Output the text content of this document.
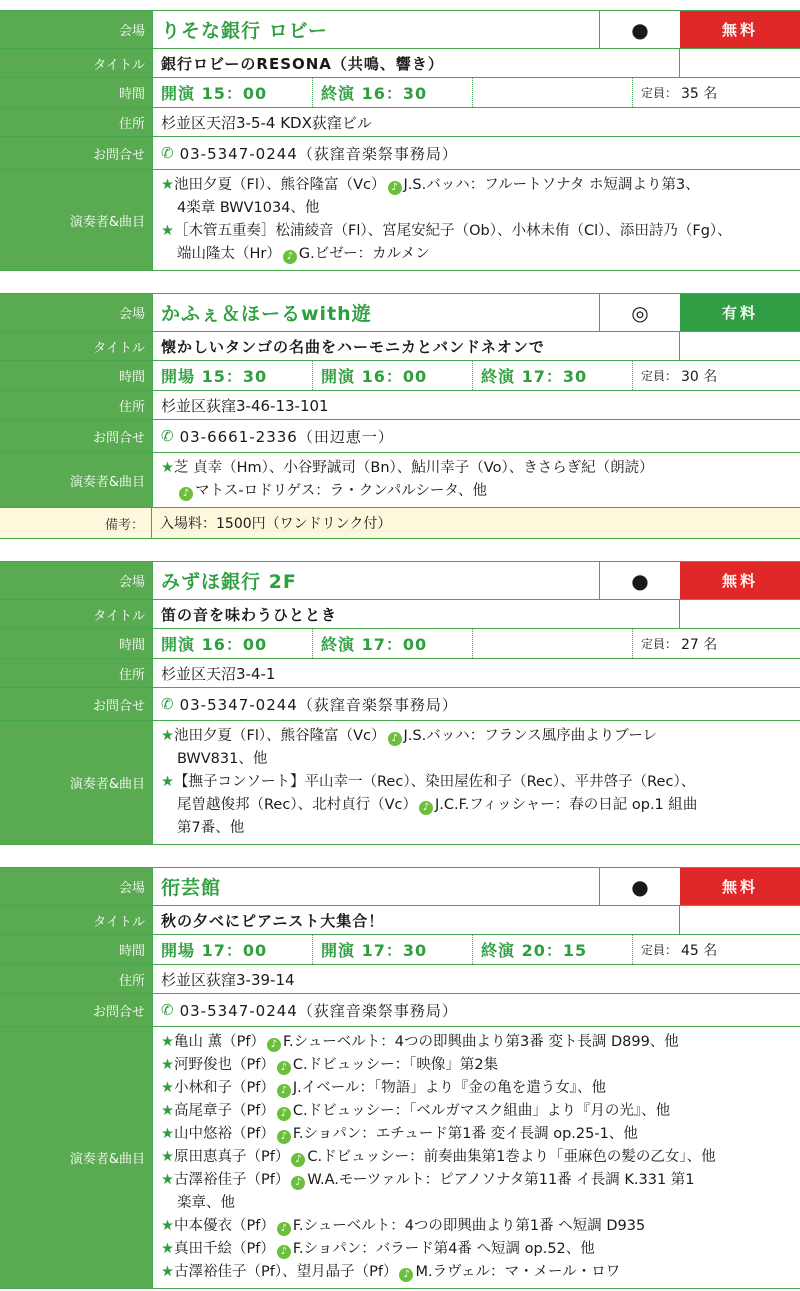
会場 りそな銀行 ロビー	●	無料
タイトル	銀行ロビーのRESONA（共鳴、響き）
時間	開演 15：00	終演 16：30	定員： 35 名
住所	杉並区天沼3-5-4 KDX荻窪ビル
お問合せ	✆ 03-5347-0244（荻窪音楽祭事務局）
演奏者&曲目
★池田夕夏（Fl）、熊谷隆富（Vc） ♪ J.S.バッハ：フルートソナタ ホ短調より第3、
4楽章 BWV1034、他
★［木管五重奏］松浦綾音（Fl）、宮尾安紀子（Ob）、小林未侑（Cl）、添田詩乃（Fg）、
端山隆太（Hr） ♪ G.ビゼー：カルメン
会場 かふぇ＆ほーるwith遊	◎	有料
タイトル	懐かしいタンゴの名曲をハーモニカとバンドネオンで
時間	開場 15：30	開演 16：00	終演 17：30	定員： 30 名
住所	杉並区荻窪3-46-13-101
お問合せ	✆ 03-6661-2336（田辺恵一）
演奏者&曲目
★芝 貞幸（Hm）、小谷野誠司（Bn）、鮎川幸子（Vo）、きさらぎ紀（朗読）
♪ マトス-ロドリゲス：ラ・クンパルシータ、他
備考：	入場料：1500円（ワンドリンク付）
会場 みずほ銀行 2F	●	無料
タイトル	笛の音を味わうひととき
時間	開演 16：00	終演 17：00	定員： 27 名
住所	杉並区天沼3-4-1
お問合せ	✆ 03-5347-0244（荻窪音楽祭事務局）
演奏者&曲目
★池田夕夏（Fl）、熊谷隆富（Vc） ♪ J.S.バッハ：フランス風序曲よりブーレ
BWV831、他
★【撫子コンソート】平山幸一（Rec）、染田屋佐和子（Rec）、平井啓子（Rec）、
尾曽越俊邦（Rec）、北村貞行（Vc） ♪ J.C.F.フィッシャー：春の日記 op.1 組曲
第7番、他
会場 衎芸館	●	無料
タイトル	秋の夕べにピアニスト大集合！
時間	開場 17：00	開演 17：30	終演 20：15	定員： 45 名
住所	杉並区荻窪3-39-14
お問合せ	✆ 03-5347-0244（荻窪音楽祭事務局）
演奏者&曲目
★亀山 薫（Pf） ♪ F.シューベルト：4つの即興曲より第3番 変ト長調 D899、他
★河野俊也（Pf） ♪ C.ドビュッシー：「映像」第2集
★小林和子（Pf） ♪ J.イベール：「物語」より『金の亀を遣う女』、他
★高尾章子（Pf） ♪ C.ドビュッシー：「ベルガマスク組曲」より『月の光』、他
★山中悠裕（Pf） ♪ F.ショパン：エチュード第1番 変イ長調 op.25-1、他
★原田恵真子（Pf） ♪ C.ドビュッシー：前奏曲集第1巻より「亜麻色の髪の乙女」、他
★古澤裕佳子（Pf） ♪ W.A.モーツァルト：ピアノソナタ第11番 イ長調 K.331 第1
楽章、他
★中本優衣（Pf） ♪ F.シューベルト：4つの即興曲より第1番 へ短調 D935
★真田千絵（Pf） ♪ F.ショパン：バラード第4番 へ短調 op.52、他
★古澤裕佳子（Pf）、望月晶子（Pf） ♪ M.ラヴェル：マ・メール・ロワ
